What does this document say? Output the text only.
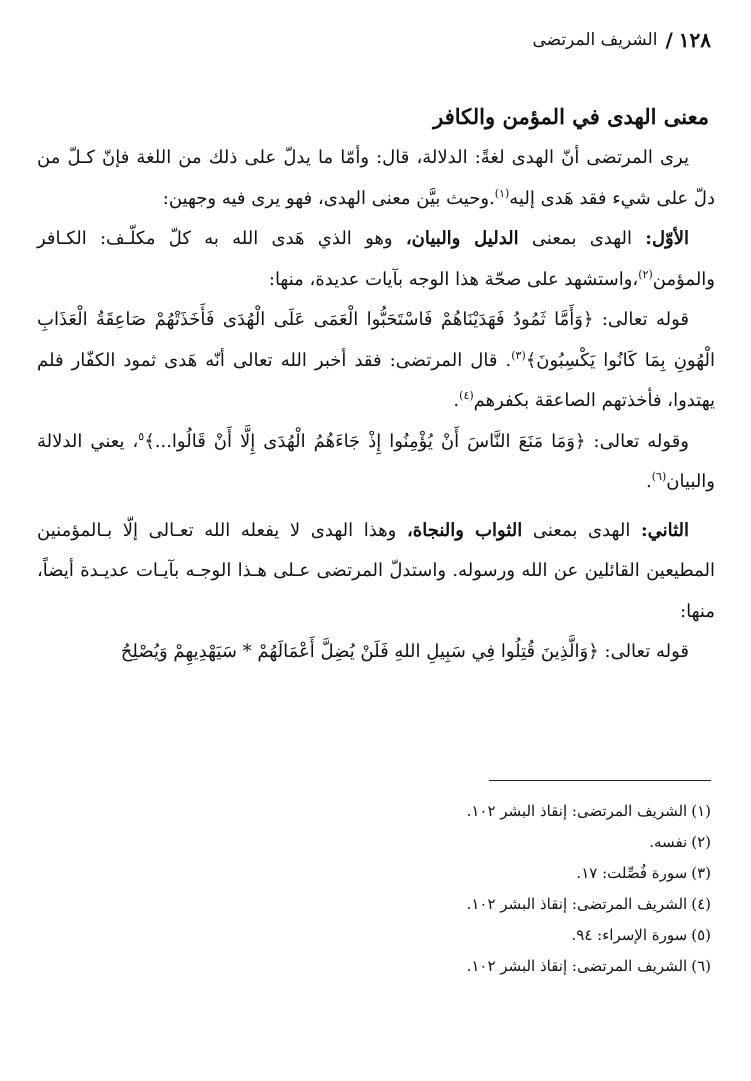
١٢٨
/
الشريف المرتضى
معنى الهدى في المؤمن والكافر

يرى المرتضى أنّ الهدى لغةً: الدلالة، قال: وأمّا ما يدلّ على ذلك من اللغة فإنّ كـلّ من دلّ على شيء فقد هَدى إليه$^{(١)}$.وحيث بيَّن معنى الهدى، فهو يرى فيه وجهين:

الأوّل: الهدى بمعنى الدليل والبيان، وهو الذي هَدى الله به كلّ مكلّـف: الكـافر والمؤمن$^{(٢)}$،واستشهد على صحّة هذا الوجه بآيات عديدة، منها:

قوله تعالى: ﴿وَأَمَّا ثَمُودُ فَهَدَيْنَاهُمْ فَاسْتَحَبُّوا الْعَمَى عَلَى الْهُدَى فَأَخَذَتْهُمْ صَاعِقَةُ الْعَذَابِ الْهُونِ بِمَا كَانُوا يَكْسِبُونَ﴾$^{(٣)}$. قال المرتضى: فقد أخبر الله تعالى أنّه هَدى ثمود الكفّار فلم يهتدوا، فأخذتهم الصاعقة بكفرهم$^{(٤)}$.

وقوله تعالى: ﴿وَمَا مَنَعَ النَّاسَ أَنْ يُؤْمِنُوا إِذْ جَاءَهُمُ الْهُدَى إِلَّا أَنْ قَالُوا...﴾$^٥$، يعني الدلالة والبيان$^{(٦)}$.

الثاني: الهدى بمعنى الثواب والنجاة، وهذا الهدى لا يفعله الله تعـالى إلّا بـالمؤمنين المطيعين القائلين عن الله ورسوله. واستدلّ المرتضى عـلى هـذا الوجـه بآيـات عديـدة أيضاً، منها:

قوله تعالى: ﴿وَالَّذِينَ قُتِلُوا فِي سَبِيلِ اللهِ فَلَنْ يُضِلَّ أَعْمَالَهُمْ * سَيَهْدِيهِمْ وَيُصْلِحُ

(١)
الشريف المرتضى: إنقاذ البشر ١٠٢.
(٢)
نفسه.
(٣)
سورة فُصِّلت: ١٧.
(٤)
الشريف المرتضى: إنقاذ البشر ١٠٢.
(٥)
سورة الإسراء: ٩٤.
(٦)
الشريف المرتضى: إنقاذ البشر ١٠٢.
